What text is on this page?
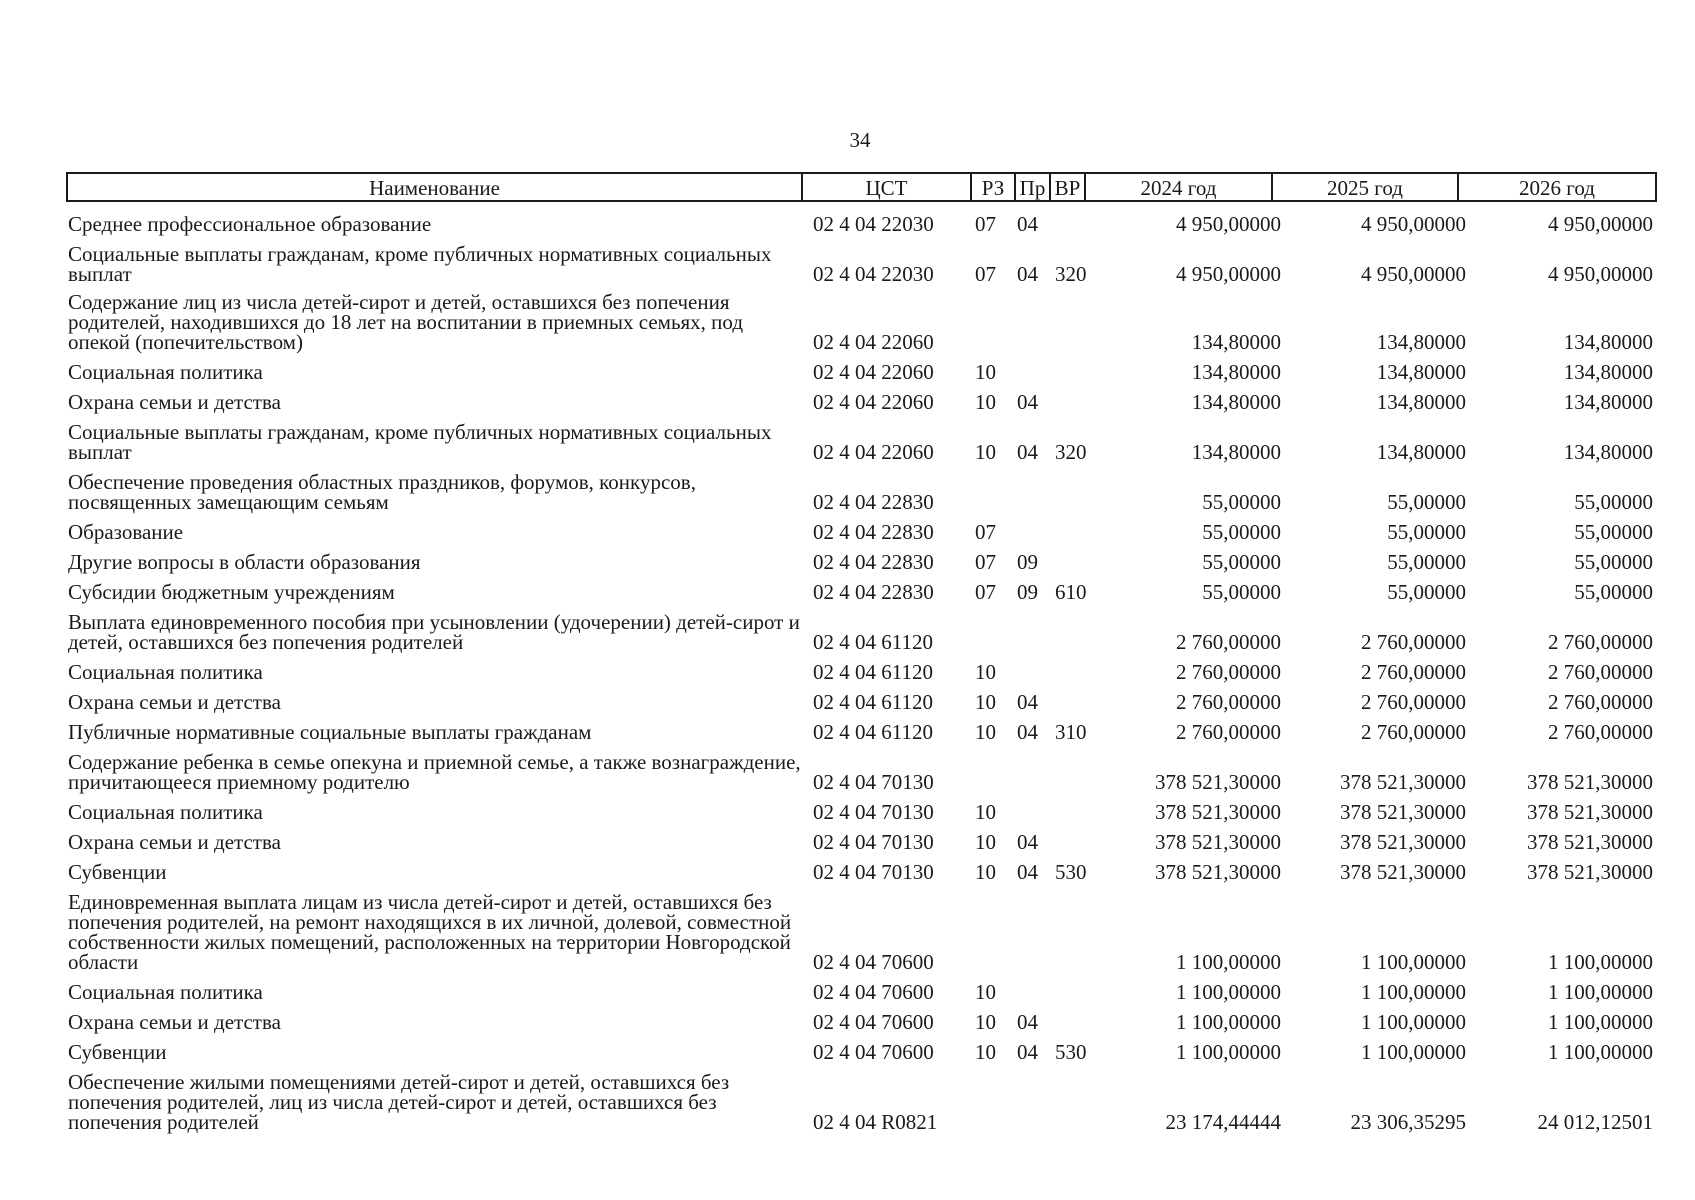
34
Наименование	ЦСТ	РЗ Пр ВР	2024 год	2025 год	2026 год
Среднее профессиональное образование	02 4 04 22030 07 04	4 950,00000	4 950,00000	4 950,00000
Социальные выплаты гражданам, кроме публичных нормативных социальных выплат	02 4 04 22030 07 04 320	4 950,00000	4 950,00000	4 950,00000
Содержание лиц из числа детей-сирот и детей, оставшихся без попечения родителей, находившихся до 18 лет на воспитании в приемных семьях, под опекой (попечительством)	02 4 04 22060	134,80000	134,80000	134,80000
Социальная политика	02 4 04 22060 10	134,80000	134,80000	134,80000
Охрана семьи и детства	02 4 04 22060 10 04	134,80000	134,80000	134,80000
Социальные выплаты гражданам, кроме публичных нормативных социальных выплат	02 4 04 22060 10 04 320	134,80000	134,80000	134,80000
Обеспечение проведения областных праздников, форумов, конкурсов, посвященных замещающим семьям	02 4 04 22830	55,00000	55,00000	55,00000
Образование	02 4 04 22830 07	55,00000	55,00000	55,00000
Другие вопросы в области образования	02 4 04 22830 07 09	55,00000	55,00000	55,00000
Субсидии бюджетным учреждениям	02 4 04 22830 07 09 610	55,00000	55,00000	55,00000
Выплата единовременного пособия при усыновлении (удочерении) детей-сирот и детей, оставшихся без попечения родителей	02 4 04 61120	2 760,00000	2 760,00000	2 760,00000
Социальная политика	02 4 04 61120 10	2 760,00000	2 760,00000	2 760,00000
Охрана семьи и детства	02 4 04 61120 10 04	2 760,00000	2 760,00000	2 760,00000
Публичные нормативные социальные выплаты гражданам	02 4 04 61120 10 04 310	2 760,00000	2 760,00000	2 760,00000
Содержание ребенка в семье опекуна и приемной семье, а также вознаграждение, причитающееся приемному родителю	02 4 04 70130	378 521,30000	378 521,30000	378 521,30000
Социальная политика	02 4 04 70130 10	378 521,30000	378 521,30000	378 521,30000
Охрана семьи и детства	02 4 04 70130 10 04	378 521,30000	378 521,30000	378 521,30000
Субвенции	02 4 04 70130 10 04 530	378 521,30000	378 521,30000	378 521,30000
Единовременная выплата лицам из числа детей-сирот и детей, оставшихся без попечения родителей, на ремонт находящихся в их личной, долевой, совместной собственности жилых помещений, расположенных на территории Новгородской области	02 4 04 70600	1 100,00000	1 100,00000	1 100,00000
Социальная политика	02 4 04 70600 10	1 100,00000	1 100,00000	1 100,00000
Охрана семьи и детства	02 4 04 70600 10 04	1 100,00000	1 100,00000	1 100,00000
Субвенции	02 4 04 70600 10 04 530	1 100,00000	1 100,00000	1 100,00000
Обеспечение жилыми помещениями детей-сирот и детей, оставшихся без попечения родителей, лиц из числа детей-сирот и детей, оставшихся без попечения родителей	02 4 04 R0821	23 174,44444	23 306,35295	24 012,12501
